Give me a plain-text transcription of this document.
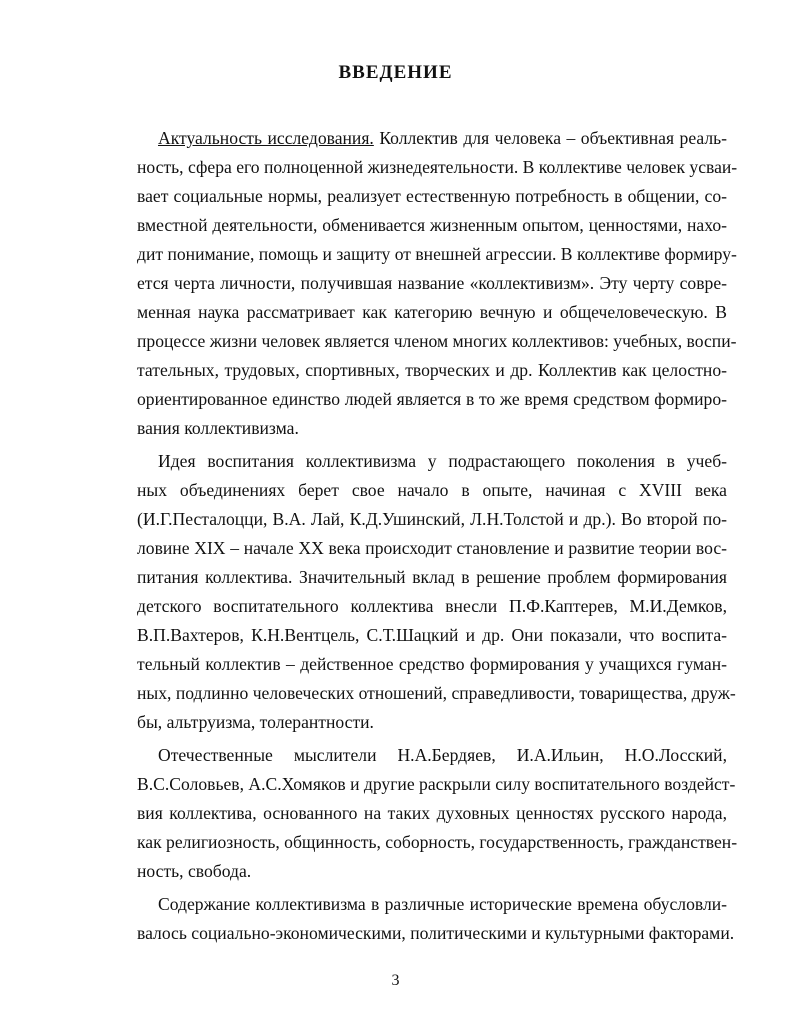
ВВЕДЕНИЕ
Актуальность исследования. Коллектив для человека – объективная реаль-
ность, сфера его полноценной жизнедеятельности. В коллективе человек усваи-
вает социальные нормы, реализует естественную потребность в общении, со-
вместной деятельности, обменивается жизненным опытом, ценностями, нахо-
дит понимание, помощь и защиту от внешней агрессии. В коллективе формиру-
ется черта личности, получившая название «коллективизм». Эту черту совре-
менная наука рассматривает как категорию вечную и общечеловеческую. В
процессе жизни человек является членом многих коллективов: учебных, воспи-
тательных, трудовых, спортивных, творческих и др. Коллектив как целостно-
ориентированное единство людей является в то же время средством формиро-
вания коллективизма.
Идея воспитания коллективизма у подрастающего поколения в учеб-
ных объединениях берет свое начало в опыте, начиная с XVIII века
(И.Г.Песталоцци, В.А. Лай, К.Д.Ушинский, Л.Н.Толстой и др.). Во второй по-
ловине XIX – начале XX века происходит становление и развитие теории вос-
питания коллектива. Значительный вклад в решение проблем формирования
детского воспитательного коллектива внесли П.Ф.Каптерев, М.И.Демков,
В.П.Вахтеров, К.Н.Вентцель, С.Т.Шацкий и др. Они показали, что воспита-
тельный коллектив – действенное средство формирования у учащихся гуман-
ных, подлинно человеческих отношений, справедливости, товарищества, друж-
бы, альтруизма, толерантности.
Отечественные мыслители Н.А.Бердяев, И.А.Ильин, Н.О.Лосский,
В.С.Соловьев, А.С.Хомяков и другие раскрыли силу воспитательного воздейст-
вия коллектива, основанного на таких духовных ценностях русского народа,
как религиозность, общинность, соборность, государственность, гражданствен-
ность, свобода.
Содержание коллективизма в различные исторические времена обусловли-
валось социально-экономическими, политическими и культурными факторами.
3
